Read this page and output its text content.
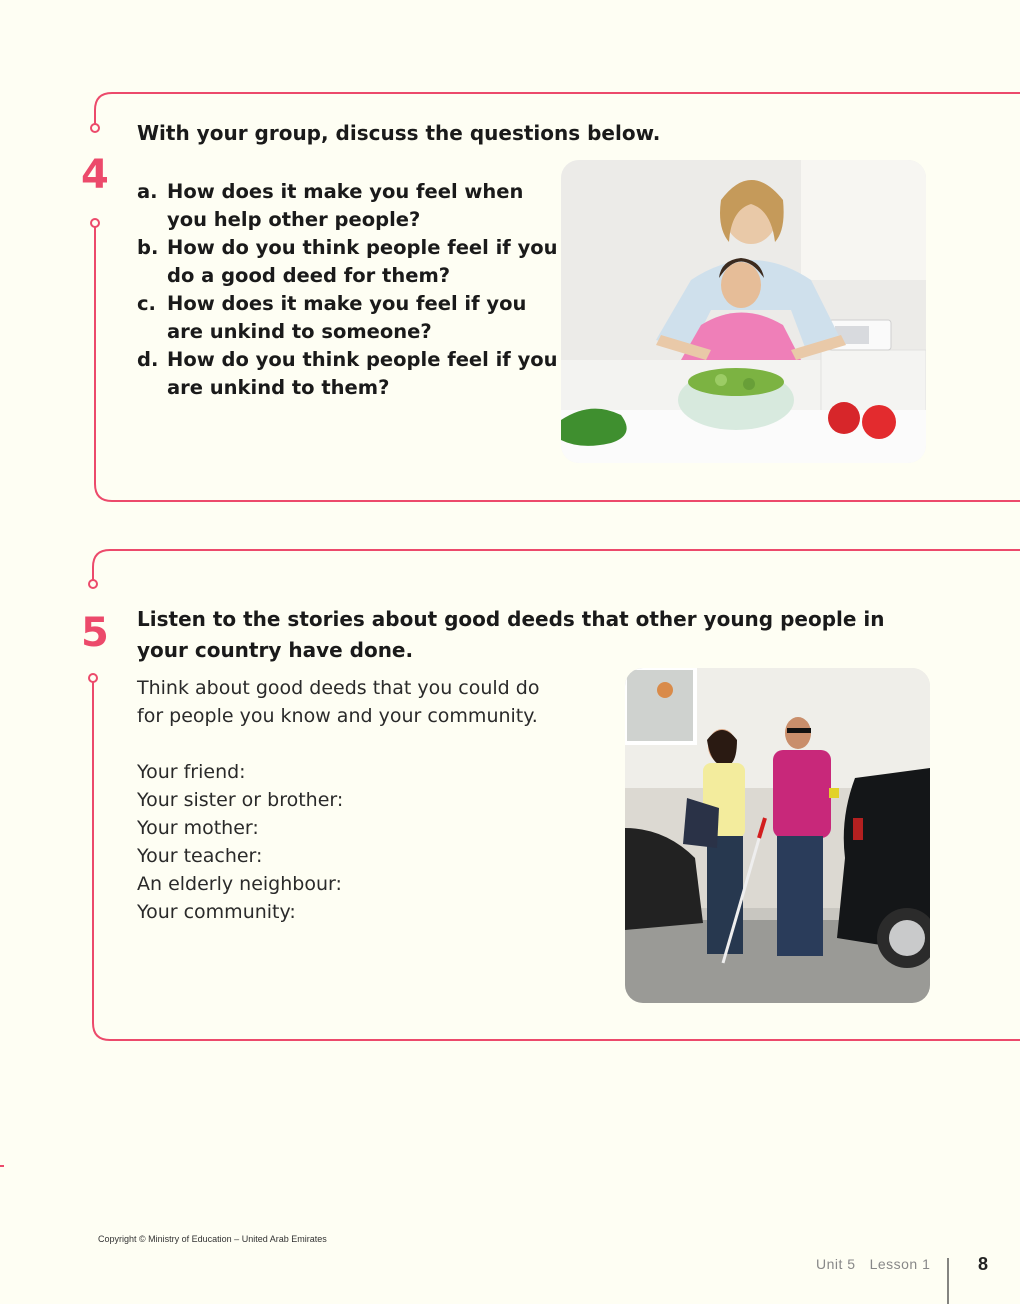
4
With your group, discuss the questions below.
a. How does it make you feel when you help other people?
b. How do you think people feel if you do a good deed for them?
c. How does it make you feel if you are unkind to someone?
d. How do you think people feel if you are unkind to them?
5 Listen to the stories about good deeds that other young people in your country have done.
Think about good deeds that you could do for people you know and your community.
Your friend:
Your sister or brother:
Your mother:
Your teacher:
An elderly neighbour:
Your community:
Copyright © Ministry of Education – United Arab Emirates
Unit 5 Lesson 1	8
